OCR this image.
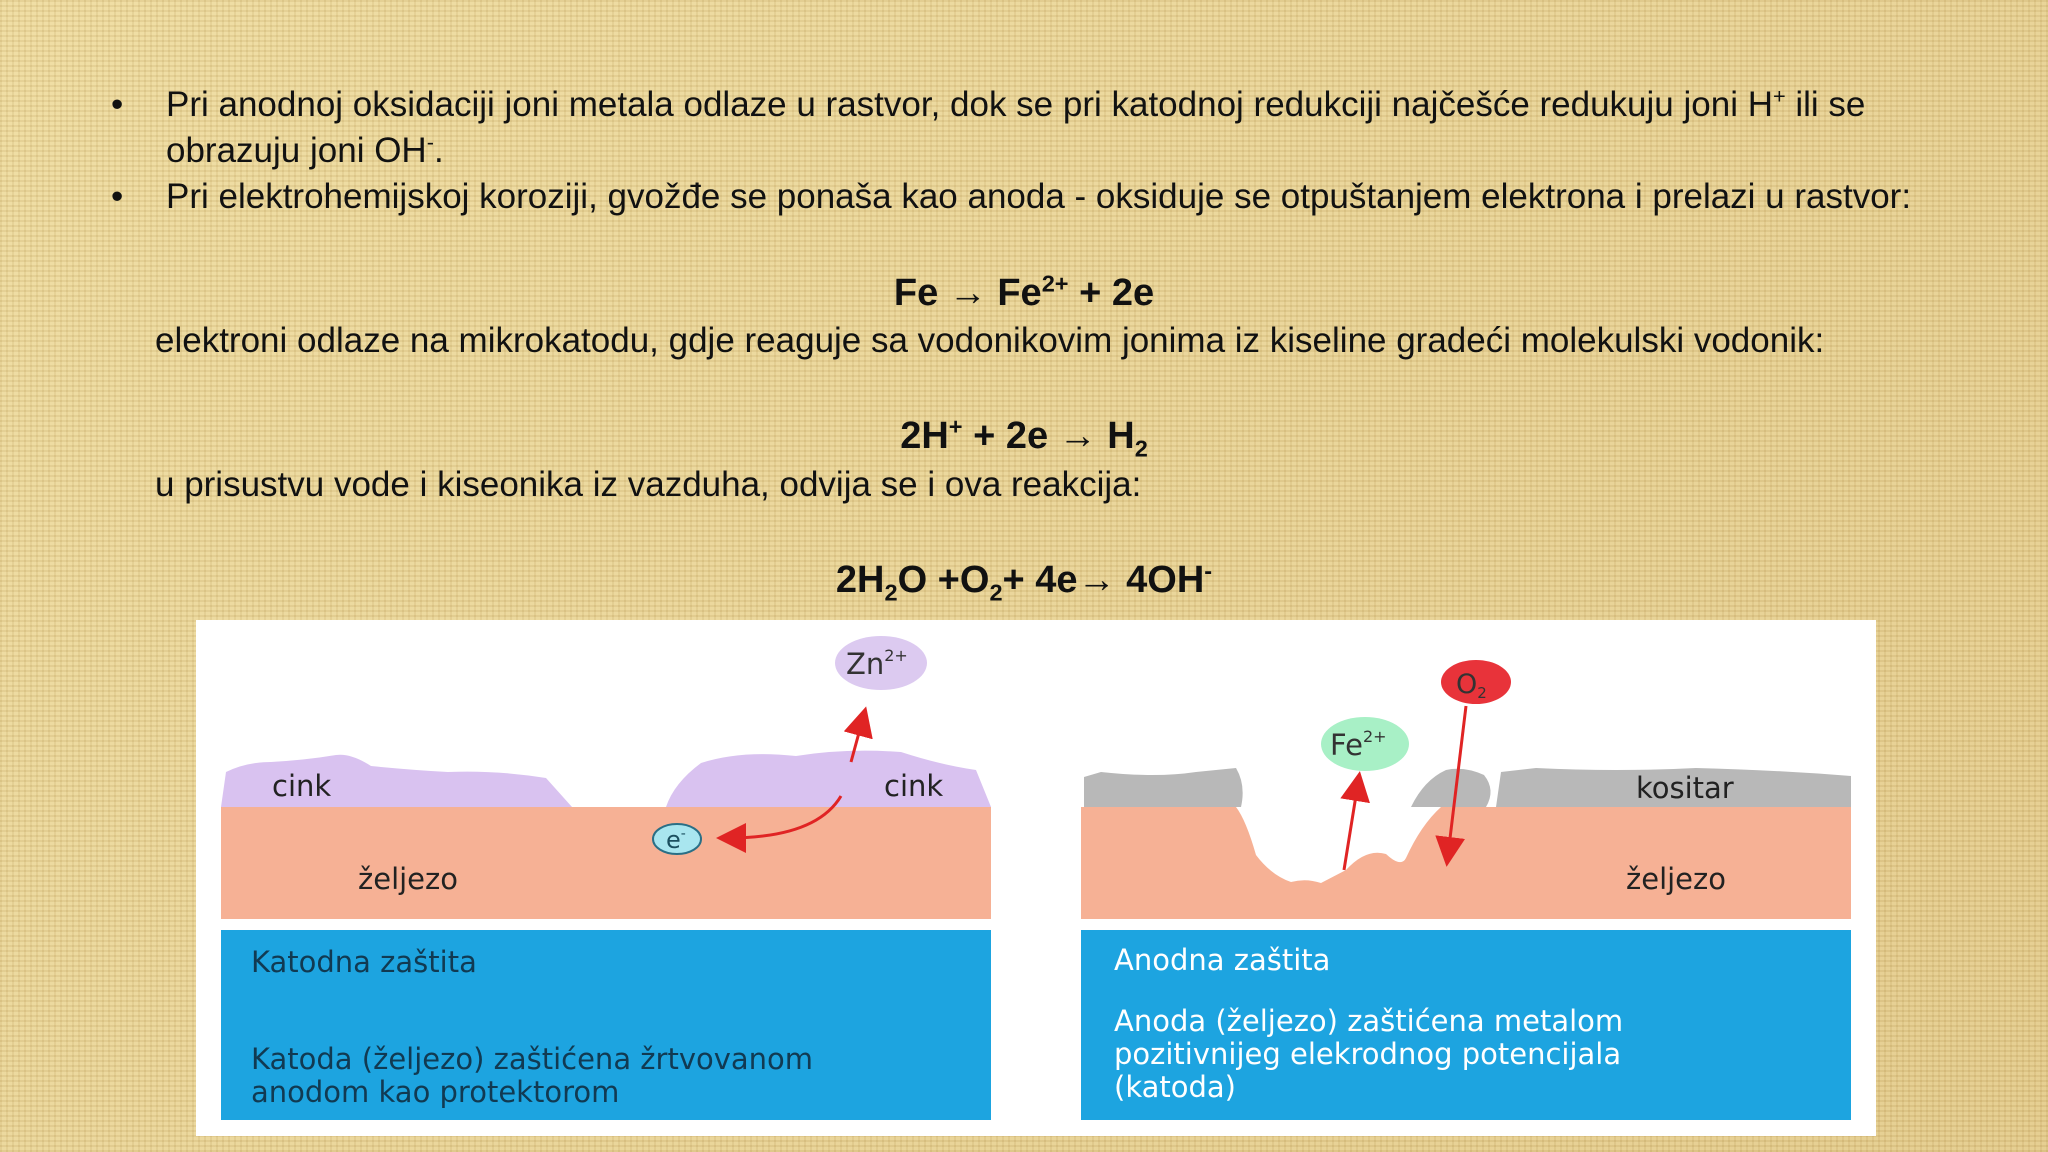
•	Pri anodnoj oksidaciji joni metala odlaze u rastvor, dok se pri katodnoj redukciji najčešće redukuju joni H+ ili se
obrazuju joni OH-.
•	Pri elektrohemijskoj koroziji, gvožđe se ponaša kao anoda - oksiduje se otpuštanjem elektrona i prelazi u rastvor:
$Fe \to Fe^{2+} + 2e$
elektroni odlaze na mikrokatodu, gdje reaguje sa vodonikovim jonima iz kiseline gradeći molekulski vodonik:
$2H^+ + 2e \to H_2$
u prisustvu vode i kiseonika iz vazduha, odvija se i ova reakcija:
$2H_2O +O_2+ 4e\to 4OH^-$
cink	cink
željezo
$Zn^{2+}$
e-
Katodna zaštita
Katoda (željezo) zaštićena žrtvovanom
anodom kao protektorom
kositar
željezo
$Fe^{2+}$
O2
Anodna zaštita
Anoda (željezo) zaštićena metalom
pozitivnijeg elekrodnog potencijala
(katoda)
